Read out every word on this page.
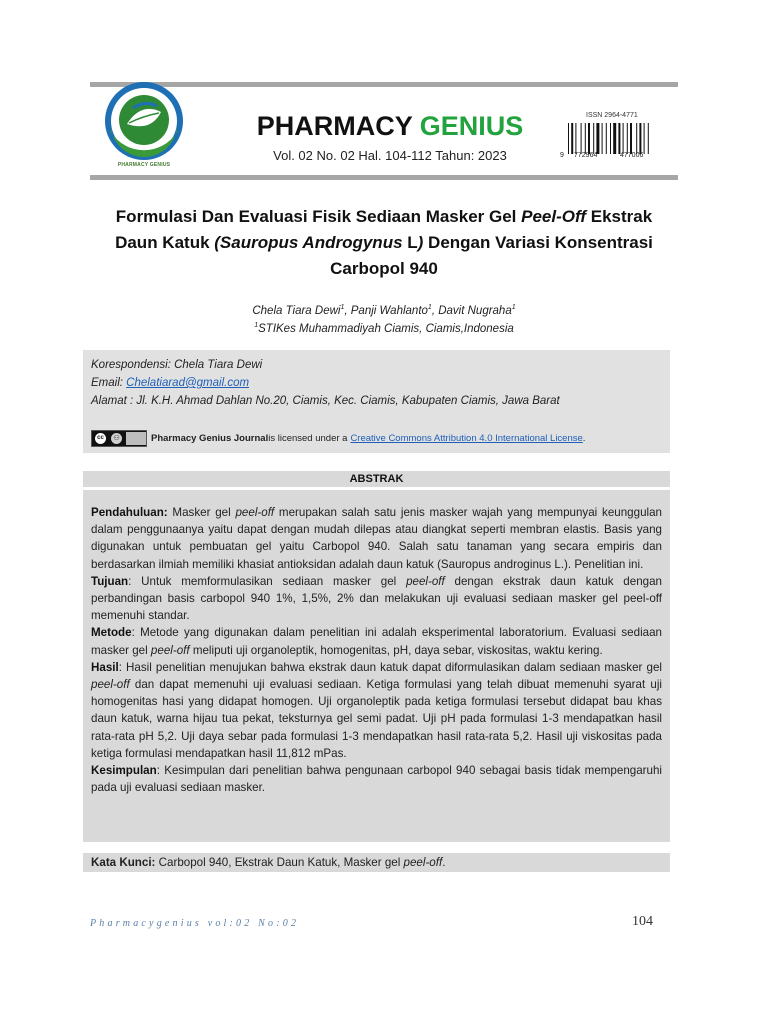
PHARMACY GENIUS
PHARMACY GENIUS
Vol. 02 No. 02 Hal. 104-112 Tahun: 2023
ISSN 2964-4771
9 772964	477006
Formulasi Dan Evaluasi Fisik Sediaan Masker Gel Peel-Off Ekstrak Daun Katuk (Sauropus Androgynus L) Dengan Variasi Konsentrasi Carbopol 940
Chela Tiara Dewi$^1$, Panji Wahlanto$^1$, Davit Nugraha$^1$
$^1$STIKes Muhammadiyah Ciamis, Ciamis,Indonesia
Korespondensi: Chela Tiara Dewi
Email: Chelatiarad@gmail.com
Alamat : Jl. K.H. Ahmad Dahlan No.20, Ciamis, Kec. Ciamis, Kabupaten Ciamis, Jawa Barat
cc	⚇	Pharmacy Genius Journal is licensed under a Creative Commons Attribution 4.0 International License .
ABSTRAK

Pendahuluan: Masker gel peel-off merupakan salah satu jenis masker wajah yang mempunyai keunggulan dalam penggunaanya yaitu dapat dengan mudah dilepas atau diangkat seperti membran elastis. Basis yang digunakan untuk pembuatan gel yaitu Carbopol 940. Salah satu tanaman yang secara empiris dan berdasarkan ilmiah memiliki khasiat antioksidan adalah daun katuk (Sauropus androginus L.). Penelitian ini.

Tujuan: Untuk memformulasikan sediaan masker gel peel-off dengan ekstrak daun katuk dengan perbandingan basis carbopol 940 1%, 1,5%, 2% dan melakukan uji evaluasi sediaan masker gel peel-off memenuhi standar.

Metode: Metode yang digunakan dalam penelitian ini adalah eksperimental laboratorium. Evaluasi sediaan masker gel peel-off meliputi uji organoleptik, homogenitas, pH, daya sebar, viskositas, waktu kering.

Hasil: Hasil penelitian menujukan bahwa ekstrak daun katuk dapat diformulasikan dalam sediaan masker gel peel-off dan dapat memenuhi uji evaluasi sediaan. Ketiga formulasi yang telah dibuat memenuhi syarat uji homogenitas hasi yang didapat homogen. Uji organoleptik pada ketiga formulasi tersebut didapat bau khas daun katuk, warna hijau tua pekat, teksturnya gel semi padat. Uji pH pada formulasi 1-3 mendapatkan hasil rata-rata pH 5,2. Uji daya sebar pada formulasi 1-3 mendapatkan hasil rata-rata 5,2. Hasil uji viskositas pada ketiga formulasi mendapatkan hasil 11,812 mPas.

Kesimpulan: Kesimpulan dari penelitian bahwa pengunaan carbopol 940 sebagai basis tidak mempengaruhi pada uji evaluasi sediaan masker.

Kata Kunci: Carbopol 940, Ekstrak Daun Katuk, Masker gel peel-off.
Pharmacygenius vol:02 No:02	104
